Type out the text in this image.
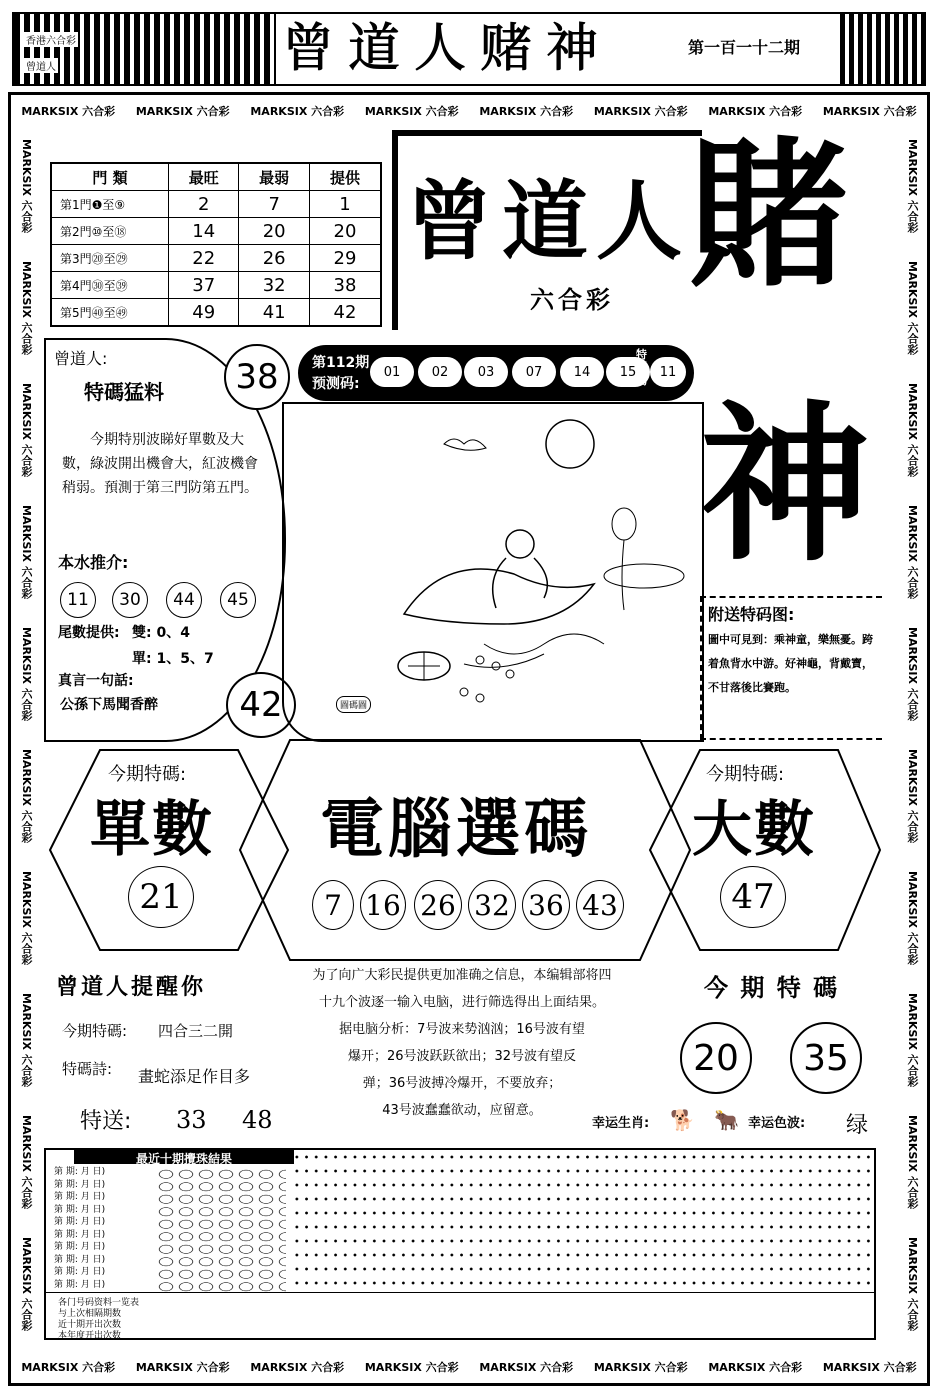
香港六合彩
曾道人	曾道人赌神	第一百一十二期
MARKSIX 六合彩 MARKSIX 六合彩 MARKSIX 六合彩 MARKSIX 六合彩 MARKSIX 六合彩 MARKSIX 六合彩 MARKSIX 六合彩 MARKSIX 六合彩
MARKSIX 六合彩 MARKSIX 六合彩 MARKSIX 六合彩 MARKSIX 六合彩 MARKSIX 六合彩 MARKSIX 六合彩 MARKSIX 六合彩 MARKSIX 六合彩
MARKSIX 六合彩
MARKSIX 六合彩
MARKSIX 六合彩
MARKSIX 六合彩
MARKSIX 六合彩
MARKSIX 六合彩
MARKSIX 六合彩
MARKSIX 六合彩
MARKSIX 六合彩
MARKSIX 六合彩
MARKSIX 六合彩
MARKSIX 六合彩
MARKSIX 六合彩
MARKSIX 六合彩
MARKSIX 六合彩
MARKSIX 六合彩
MARKSIX 六合彩
MARKSIX 六合彩
MARKSIX 六合彩
MARKSIX 六合彩
門 類	最旺	最弱	提供
第1門❶至⑨	2	7	1
第2門⑩至⑱	14	20	20
第3門⑳至㉙	22	26	29
第4門㉚至㊴	37	32	38
第5門㊵至㊾	49	41	42
曾 道 人 賭
六合彩
神
曾道人:
特碼猛料	38
今期特別波睇好單數及大數，綠波開出機會大，紅波機會稍弱。預測于第三門防第五門。
本水推介:
11	30	44	45
尾數提供: 雙: 0、4
單: 1、5、7
真言一句話:
公孫下馬聞香醉	42
第112期
预测码:
01	02	03	07	14	15
特別碼
11
圖碼圖
附送特码图:
圖中可見到：乘神童，樂無憂。跨着魚背水中游。好神龜，背戴寶，不甘落後比賽跑。
今期特碼:
單數
21
今期特碼:
大數
47
電腦選碼
7 16 26 32 36 43
为了向广大彩民提供更加准确之信息，本编辑部将四
十九个波逐一输入电脑，进行筛选得出上面结果。
据电脑分析：7号波来势汹汹；16号波有望
爆开；26号波跃跃欲出；32号波有望反
弹；36号波搏冷爆开，不要放弃；
43号波蠢蠢欲动，应留意。
曾道人提醒你
今期特碼: 四合三二開
特碼詩: 畫蛇添足作目多
特送: 33 48
今 期 特 碼
20	35
幸运生肖: 🐕 🐂 幸运色波: 绿
最近十期攪珠結果
第 期: 月 日)
第 期: 月 日)
第 期: 月 日)
第 期: 月 日)
第 期: 月 日)
第 期: 月 日)
第 期: 月 日)
第 期: 月 日)
第 期: 月 日)
第 期: 月 日)
各门号码资料一览表
与上次相隔期数
近十期开出次数
本年度开出次数
